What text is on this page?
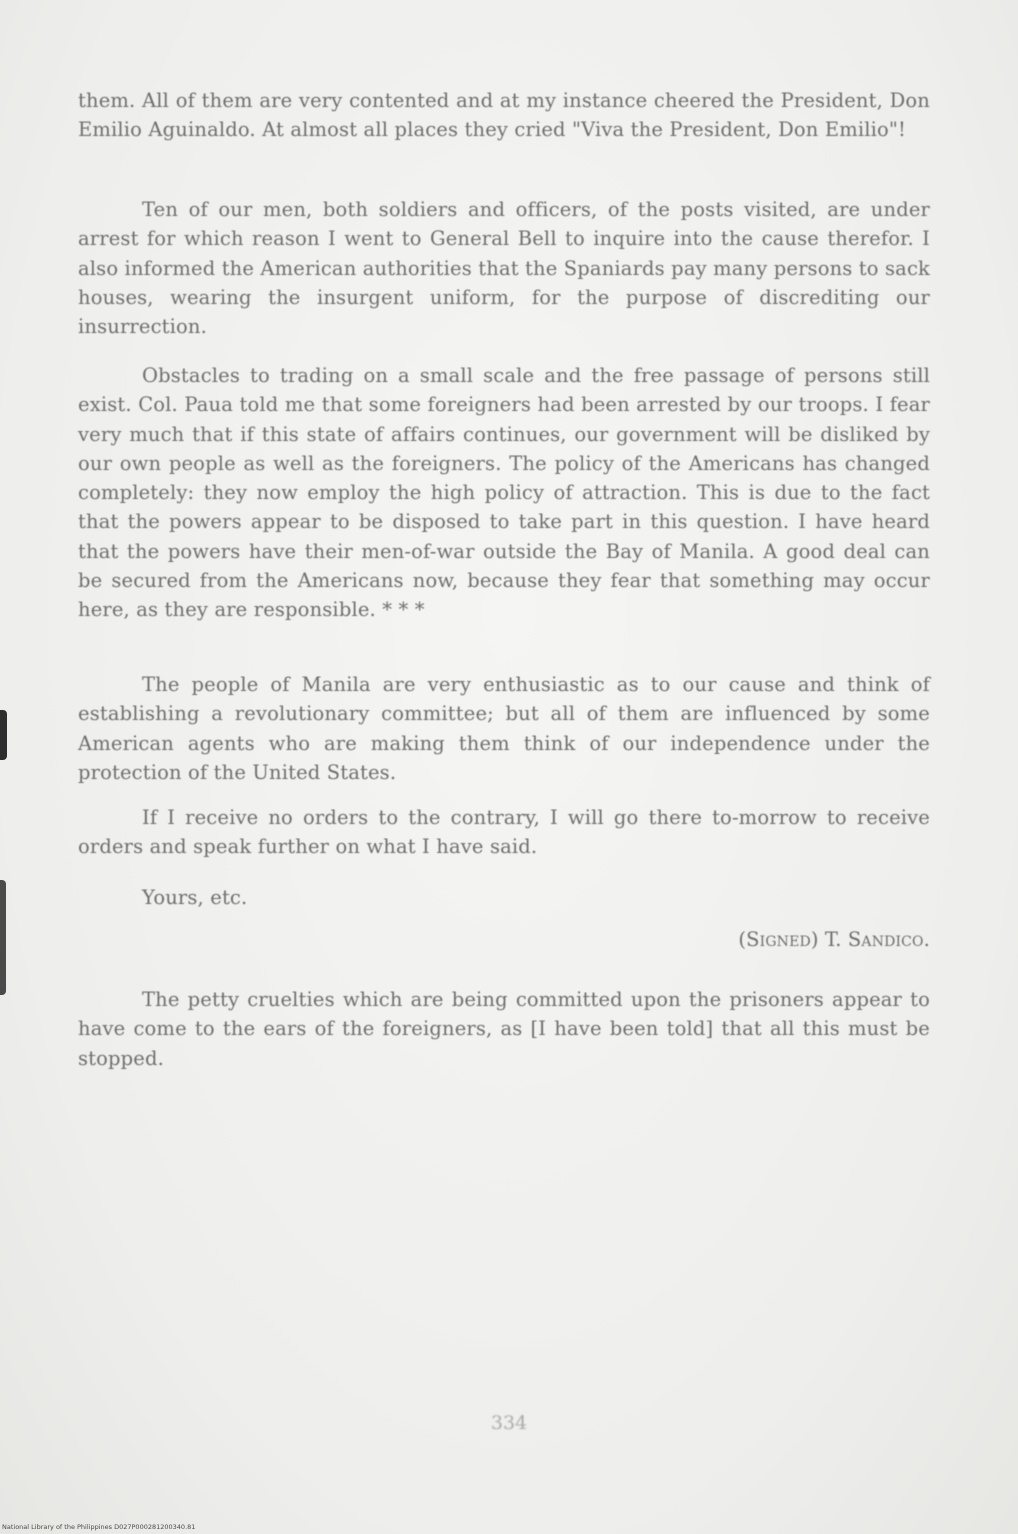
them. All of them are very contented and at my instance cheered the President, Don Emilio Aguinaldo. At almost all places they cried "Viva the President, Don Emilio"!

Ten of our men, both soldiers and officers, of the posts visited, are under arrest for which reason I went to General Bell to inquire into the cause therefor. I also informed the American authorities that the Spaniards pay many persons to sack houses, wearing the insurgent uniform, for the purpose of discrediting our insurrection.

Obstacles to trading on a small scale and the free passage of persons still exist. Col. Paua told me that some foreigners had been arrested by our troops. I fear very much that if this state of affairs continues, our government will be disliked by our own people as well as the foreigners. The policy of the Americans has changed completely: they now employ the high policy of attraction. This is due to the fact that the powers appear to be disposed to take part in this question. I have heard that the powers have their men-of-war outside the Bay of Manila. A good deal can be secured from the Americans now, because they fear that something may occur here, as they are responsible. * * *

The people of Manila are very enthusiastic as to our cause and think of establishing a revolutionary committee; but all of them are influenced by some American agents who are making them think of our independence under the protection of the United States.

If I receive no orders to the contrary, I will go there to-morrow to receive orders and speak further on what I have said.

Yours, etc.

(Signed) T. Sandico.

The petty cruelties which are being committed upon the prisoners appear to have come to the ears of the foreigners, as [I have been told] that all this must be stopped.

334
National Library of the Philippines D027P000281200340.81
